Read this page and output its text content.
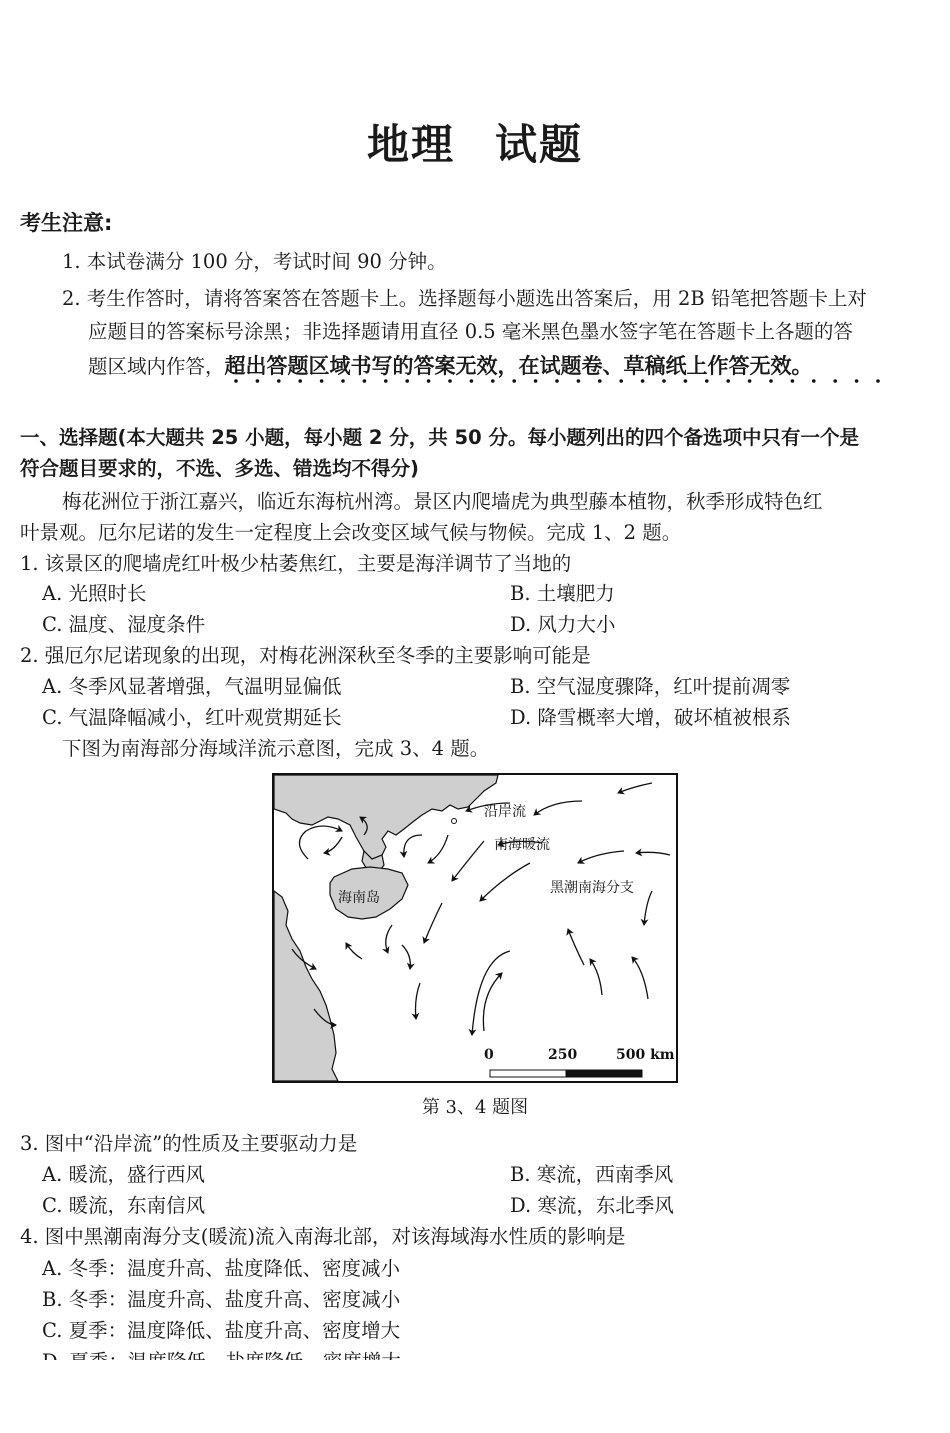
地理 试题
考生注意:
1. 本试卷满分 100 分，考试时间 90 分钟。
2. 考生作答时，请将答案答在答题卡上。选择题每小题选出答案后，用 2B 铅笔把答题卡上对
应题目的答案标号涂黑；非选择题请用直径 0.5 毫米黑色墨水签字笔在答题卡上各题的答
题区域内作答，超出答题区域书写的答案无效，在试题卷、草稿纸上作答无效。
一、选择题(本大题共 25 小题，每小题 2 分，共 50 分。每小题列出的四个备选项中只有一个是
符合题目要求的，不选、多选、错选均不得分)
梅花洲位于浙江嘉兴，临近东海杭州湾。景区内爬墙虎为典型藤本植物，秋季形成特色红
叶景观。厄尔尼诺的发生一定程度上会改变区域气候与物候。完成 1、2 题。
1. 该景区的爬墙虎红叶极少枯萎焦红，主要是海洋调节了当地的
A. 光照时长	B. 土壤肥力
C. 温度、湿度条件	D. 风力大小
2. 强厄尔尼诺现象的出现，对梅花洲深秋至冬季的主要影响可能是
A. 冬季风显著增强，气温明显偏低	B. 空气湿度骤降，红叶提前凋零
C. 气温降幅减小，红叶观赏期延长	D. 降雪概率大增，破坏植被根系
下图为南海部分海域洋流示意图，完成 3、4 题。
沿岸流
南海暖流
黑潮南海分支
海南岛
0	250	500 km
第 3、4 题图
3. 图中“沿岸流”的性质及主要驱动力是
A. 暖流，盛行西风	B. 寒流，西南季风
C. 暖流，东南信风	D. 寒流，东北季风
4. 图中黑潮南海分支(暖流)流入南海北部，对该海域海水性质的影响是
A. 冬季：温度升高、盐度降低、密度减小
B. 冬季：温度升高、盐度升高、密度减小
C. 夏季：温度降低、盐度升高、密度增大
